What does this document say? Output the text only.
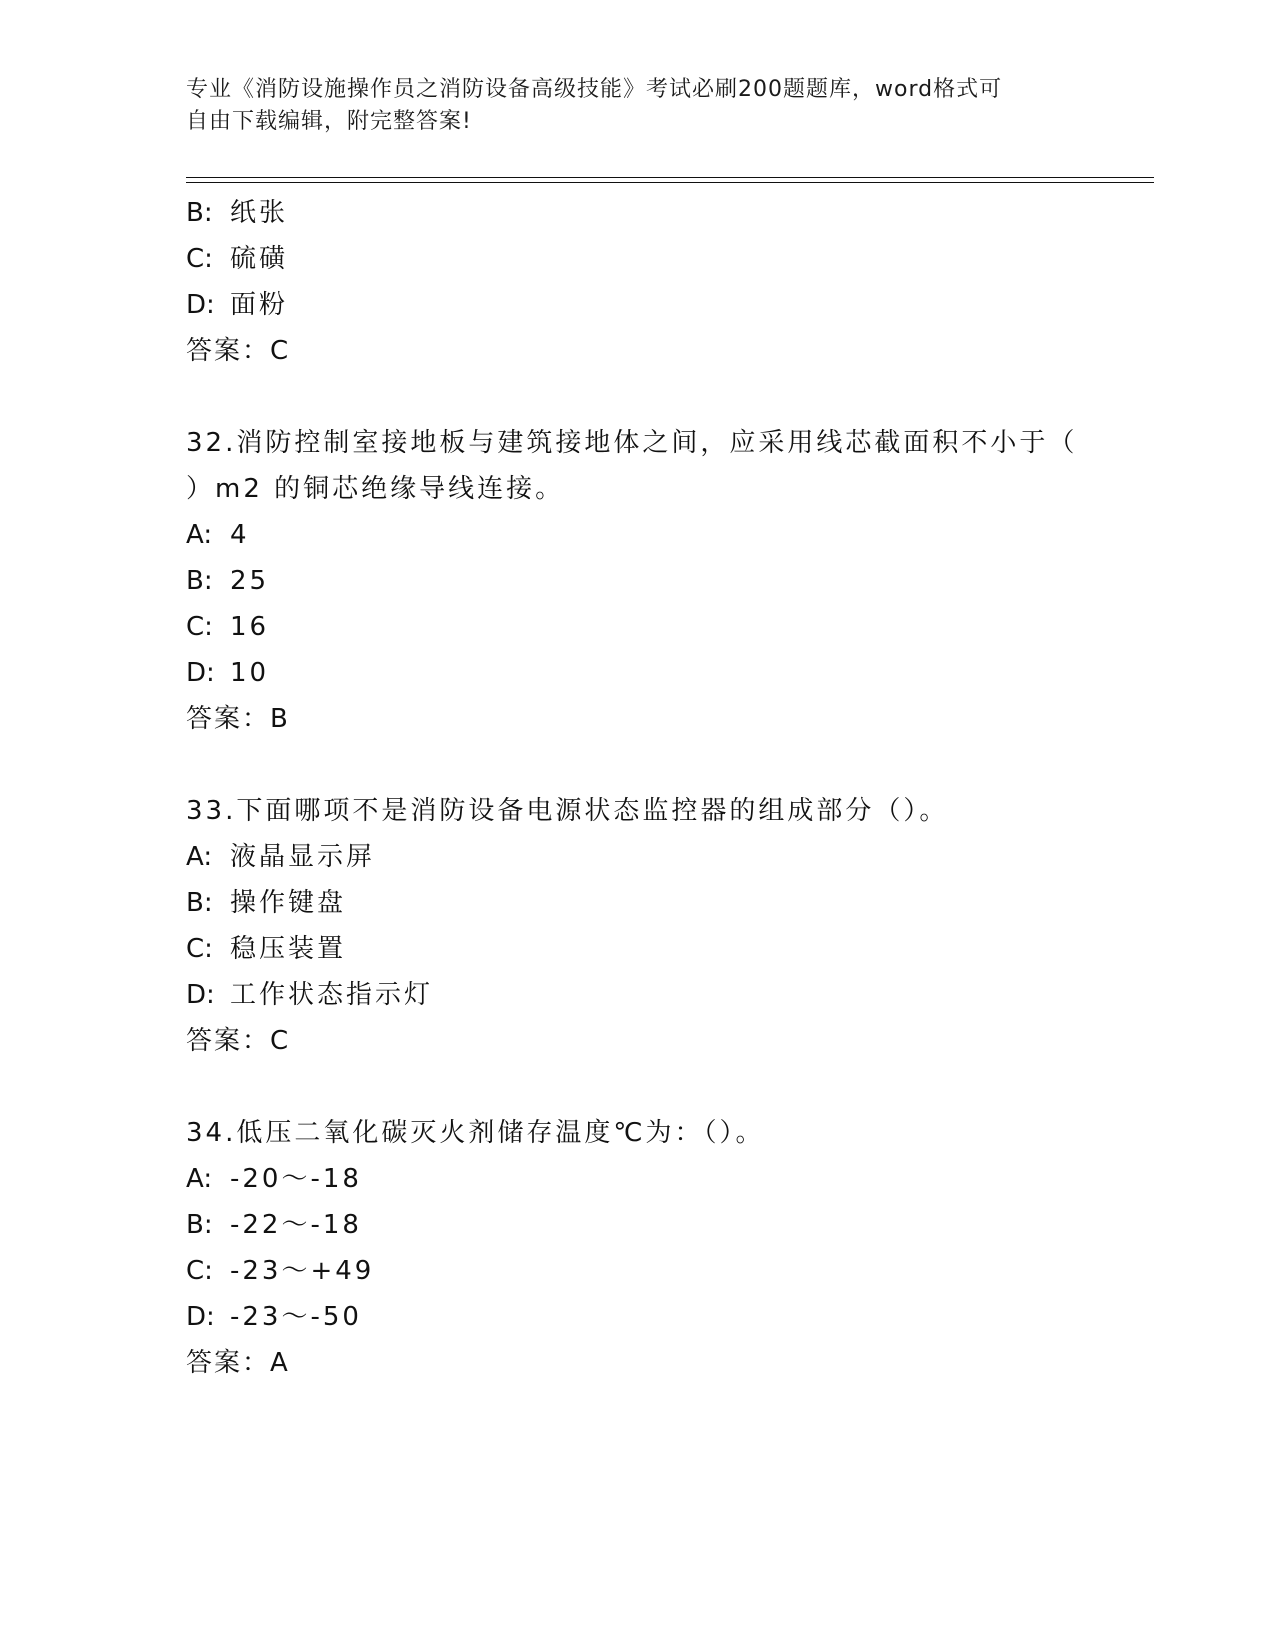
专业《消防设施操作员之消防设备高级技能》考试必刷200题题库，word格式可
自由下载编辑，附完整答案!
B: 纸张
C: 硫磺
D: 面粉
答案：C
32.消防控制室接地板与建筑接地体之间，应采用线芯截面积不小于（
）m2 的铜芯绝缘导线连接。
A: 4
B: 25
C: 16
D: 10
答案：B
33.下面哪项不是消防设备电源状态监控器的组成部分（）。
A: 液晶显示屏
B: 操作键盘
C: 稳压装置
D: 工作状态指示灯
答案：C
34.低压二氧化碳灭火剂储存温度℃为：（）。
A: -20～-18
B: -22～-18
C: -23～+49
D: -23～-50
答案：A
